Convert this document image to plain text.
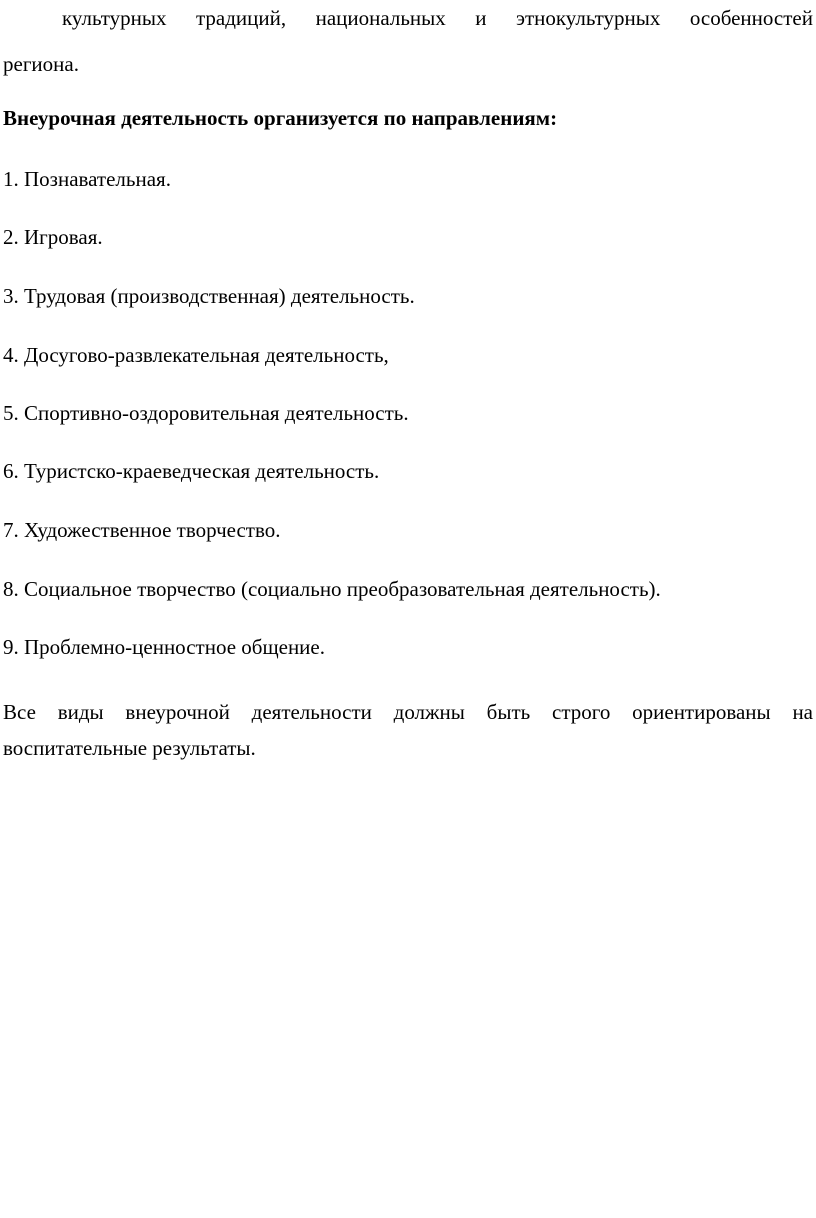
культурных традиций, национальных и этнокультурных особенностей
региона.
Внеурочная деятельность организуется по направлениям:
1. Познавательная.
2. Игровая.
3. Трудовая (производственная) деятельность.
4. Досугово-развлекательная деятельность,
5. Спортивно-оздоровительная деятельность.
6. Туристско-краеведческая деятельность.
7. Художественное творчество.
8. Социальное творчество (социально преобразовательная деятельность).
9. Проблемно-ценностное общение.
Все виды внеурочной деятельности должны быть строго ориентированы на
воспитательные результаты.
